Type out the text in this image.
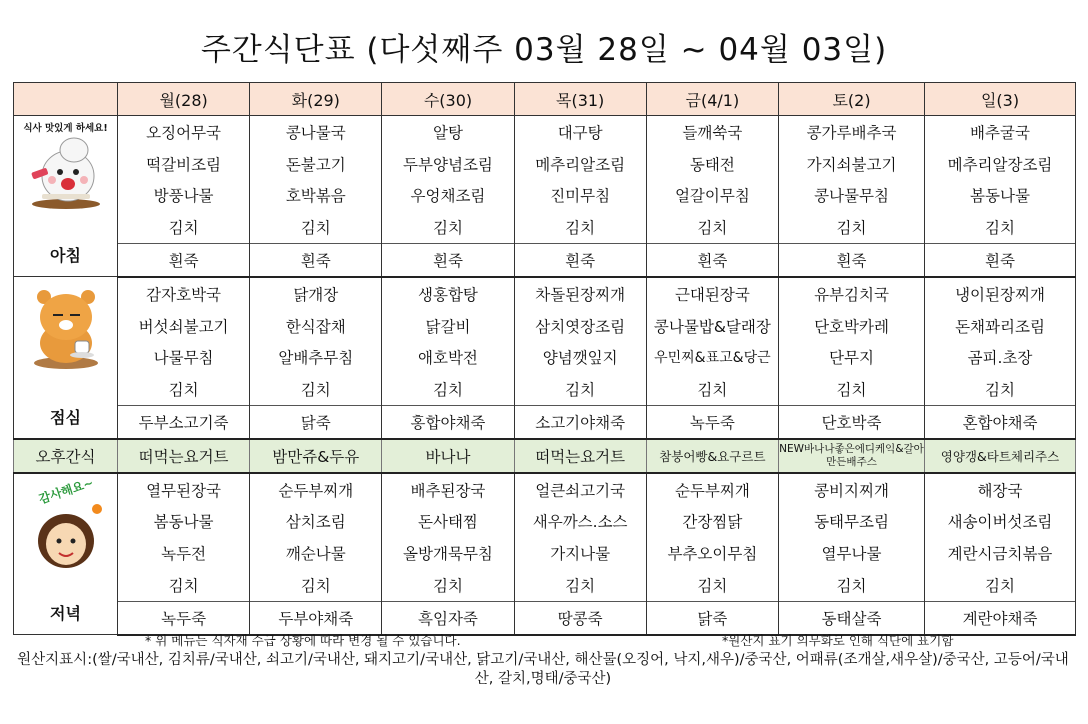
주간식단표 (다섯째주 03월 28일 ~ 04월 03일)
	월(28)	화(29)	수(30)	목(31)	금(4/1)	토(2)	일(3)

식사 맛있게 하세요!
아침	오징어무국	콩나물국	알탕	대구탕	들깨쑥국	콩가루배추국	배추굴국
	떡갈비조림	돈불고기	두부양념조림	메추리알조림	동태전	가지쇠불고기	메추리알장조림
	방풍나물	호박볶음	우엉채조림	진미무침	얼갈이무침	콩나물무침	봄동나물
	김치	김치	김치	김치	김치	김치	김치
	흰죽	흰죽	흰죽	흰죽	흰죽	흰죽	흰죽

점심	감자호박국	닭개장	생홍합탕	차돌된장찌개	근대된장국	유부김치국	냉이된장찌개
	버섯쇠불고기	한식잡채	닭갈비	삼치엿장조림	콩나물밥&달래장	단호박카레	돈채꽈리조림
	나물무침	알배추무침	애호박전	양념깻잎지	우민찌&표고&당근	단무지	곰피.초장
	김치	김치	김치	김치	김치	김치	김치
	두부소고기죽	닭죽	홍합야채죽	소고기야채죽	녹두죽	단호박죽	혼합야채죽
오후간식	떠먹는요거트	밤만쥬&두유	바나나	떠먹는요거트	참붕어빵&요구르트	NEW바나나좋은에디케익&갈아만든배주스	영양갱&타트체리주스

감사해요~
저녁	열무된장국	순두부찌개	배추된장국	얼큰쇠고기국	순두부찌개	콩비지찌개	해장국
	봄동나물	삼치조림	돈사태찜	새우까스.소스	간장찜닭	동태무조림	새송이버섯조림
	녹두전	깨순나물	올방개묵무침	가지나물	부추오이무침	열무나물	계란시금치볶음
	김치	김치	김치	김치	김치	김치	김치
	녹두죽	두부야채죽	흑임자죽	땅콩죽	닭죽	동태살죽	계란야채죽
* 위 메뉴는 식자재 수급 상황에 따라 변경 될 수 있습니다.	*원산지 표기 의무화로 인해 식단에 표기함
원산지표시:(쌀/국내산, 김치류/국내산, 쇠고기/국내산, 돼지고기/국내산, 닭고기/국내산, 해산물(오징어, 낙지,새우)/중국산, 어패류(조개살,새우살)/중국산, 고등어/국내산, 갈치,명태/중국산)
